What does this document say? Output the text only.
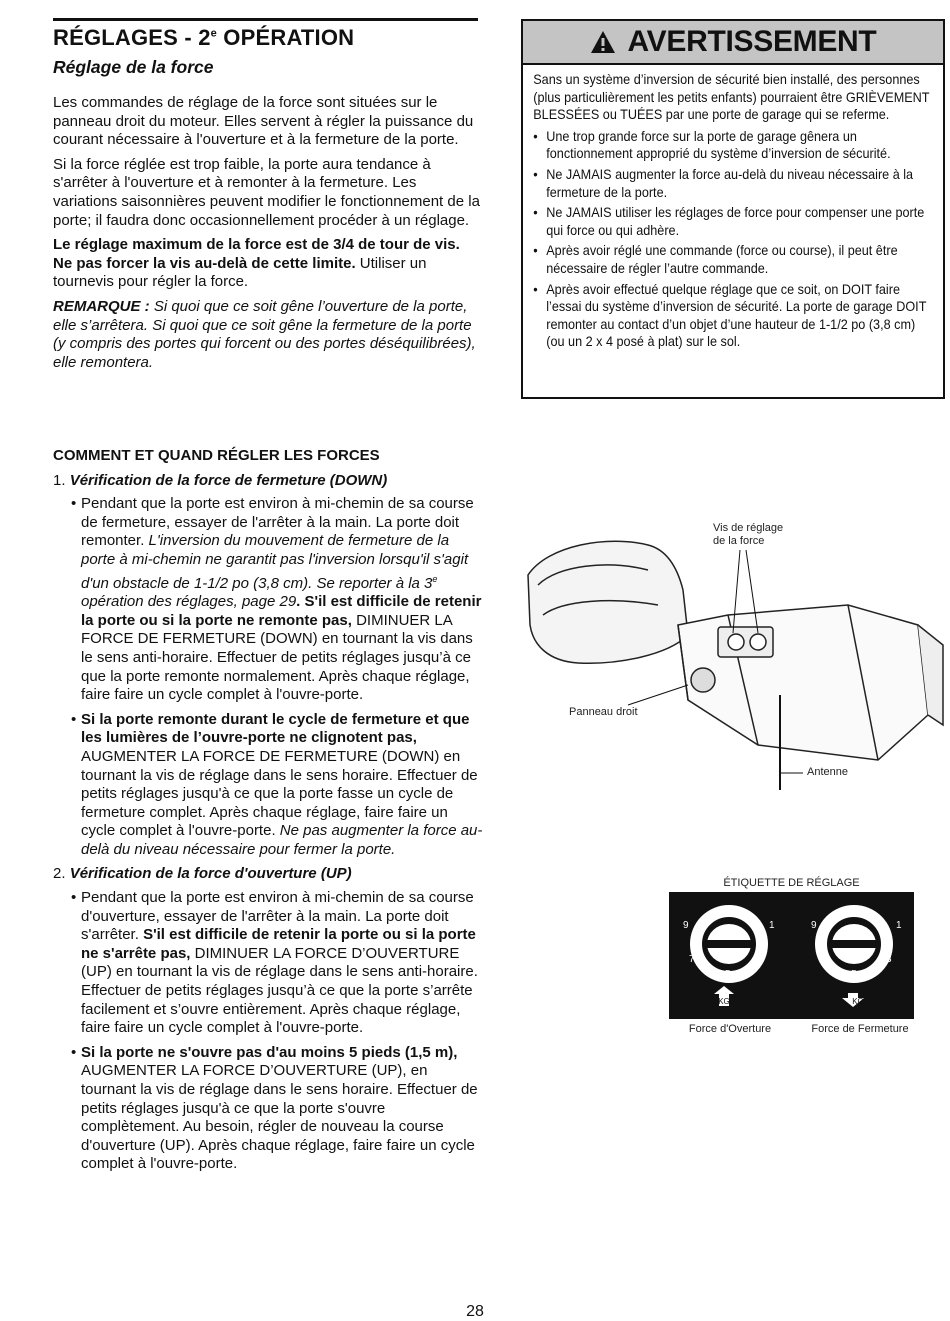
RÉGLAGES - 2e OPÉRATION
Réglage de la force

Les commandes de réglage de la force sont situées sur le panneau droit du moteur. Elles servent à régler la puissance du courant nécessaire à l'ouverture et à la fermeture de la porte.

Si la force réglée est trop faible, la porte aura tendance à s'arrêter à l'ouverture et à remonter à la fermeture. Les variations saisonnières peuvent modifier le fonctionnement de la porte; il faudra donc occasionnellement procéder à un réglage.

Le réglage maximum de la force est de 3/4 de tour de vis. Ne pas forcer la vis au-delà de cette limite. Utiliser un tournevis pour régler la force.

REMARQUE : Si quoi que ce soit gêne l’ouverture de la porte, elle s’arrêtera. Si quoi que ce soit gêne la fermeture de la porte (y compris des portes qui forcent ou des portes déséquilibrées), elle remontera.

AVERTISSEMENT

Sans un système d’inversion de sécurité bien installé, des personnes (plus particulièrement les petits enfants) pourraient être GRIÈVEMENT BLESSÉES ou TUÉES par une porte de garage qui se referme.

• Une trop grande force sur la porte de garage gênera un fonctionnement approprié du système d’inversion de sécurité.
• Ne JAMAIS augmenter la force au-delà du niveau nécessaire à la fermeture de la porte.
• Ne JAMAIS utiliser les réglages de force pour compenser une porte qui force ou qui adhère.
• Après avoir réglé une commande (force ou course), il peut être nécessaire de régler l’autre commande.
• Après avoir effectué quelque réglage que ce soit, on DOIT faire l’essai du système d’inversion de sécurité. La porte de garage DOIT remonter au contact d’un objet d’une hauteur de 1-1/2 po (3,8 cm) (ou un 2 x 4 posé à plat) sur le sol.

COMMENT ET QUAND RÉGLER LES FORCES

1. Vérification de la force de fermeture (DOWN)

• Pendant que la porte est environ à mi-chemin de sa course de fermeture, essayer de l'arrêter à la main. La porte doit remonter. L'inversion du mouvement de fermeture de la porte à mi-chemin ne garantit pas l'inversion lorsqu'il s'agit d'un obstacle de 1-1/2 po (3,8 cm). Se reporter à la 3e opération des réglages, page 29. S'il est difficile de retenir la porte ou si la porte ne remonte pas, DIMINUER LA FORCE DE FERMETURE (DOWN) en tournant la vis dans le sens anti-horaire. Effectuer de petits réglages jusqu’à ce que la porte remonte normalement. Après chaque réglage, faire faire un cycle complet à l'ouvre-porte.

• Si la porte remonte durant le cycle de fermeture et que les lumières de l’ouvre-porte ne clignotent pas, AUGMENTER LA FORCE DE FERMETURE (DOWN) en tournant la vis de réglage dans le sens horaire. Effectuer de petits réglages jusqu'à ce que la porte fasse un cycle de fermeture complet. Après chaque réglage, faire faire un cycle complet à l'ouvre-porte. Ne pas augmenter la force au-delà du niveau nécessaire pour fermer la porte.

2. Vérification de la force d'ouverture (UP)

• Pendant que la porte est environ à mi-chemin de sa course d'ouverture, essayer de l'arrêter à la main. La porte doit s'arrêter. S'il est difficile de retenir la porte ou si la porte ne s'arrête pas, DIMINUER LA FORCE D’OUVERTURE (UP) en tournant la vis de réglage dans le sens anti-horaire. Effectuer de petits réglages jusqu’à ce que la porte s’arrête facilement et s’ouvre entièrement. Après chaque réglage, faire faire un cycle complet à l'ouvre-porte.

• Si la porte ne s'ouvre pas d'au moins 5 pieds (1,5 m), AUGMENTER LA FORCE D’OUVERTURE (UP), en tournant la vis de réglage dans le sens horaire. Effectuer de petits réglages jusqu'à ce que la porte s'ouvre complètement. Au besoin, régler de nouveau la course d'ouverture (UP). Après chaque réglage, faire faire un cycle complet à l'ouvre-porte.

Vis de réglage
de la force
Panneau droit
Antenne
ÉTIQUETTE DE RÉGLAGE
9	1
7	3
5
KG
9	1
7	3
5
KG
Force d'Overture	Force de Fermeture
28
